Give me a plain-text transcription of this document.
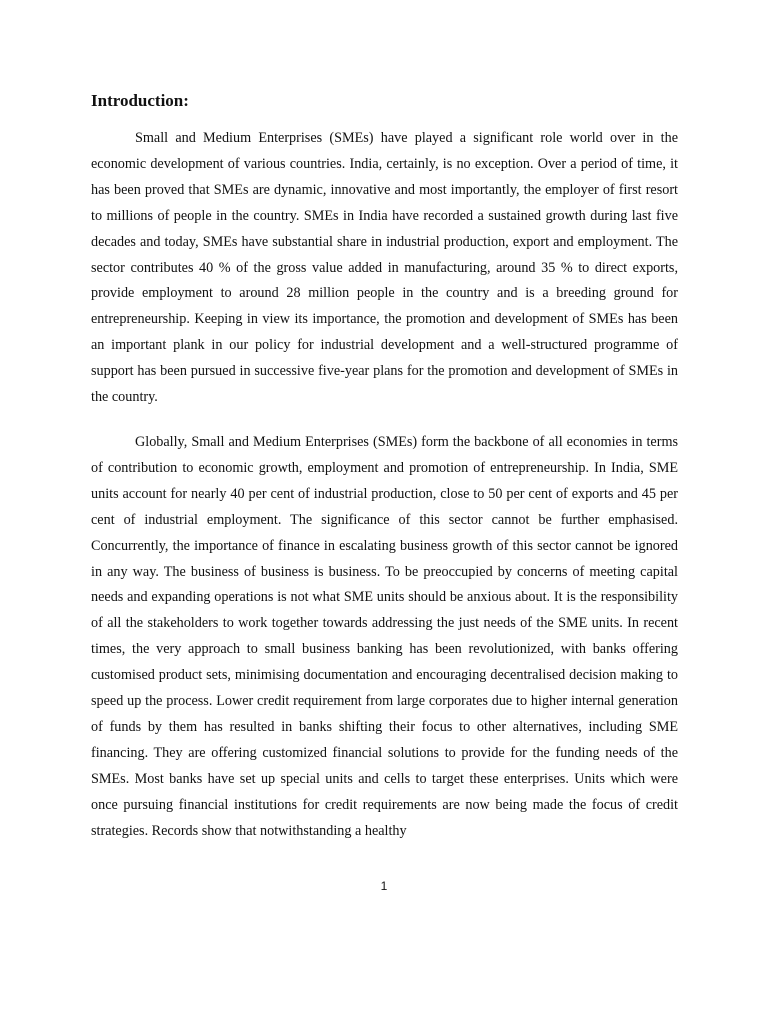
Introduction:

Small and Medium Enterprises (SMEs) have played a significant role world over in the economic development of various countries. India, certainly, is no exception. Over a period of time, it has been proved that SMEs are dynamic, innovative and most importantly, the employer of first resort to millions of people in the country. SMEs in India have recorded a sustained growth during last five decades and today, SMEs have substantial share in industrial production, export and employment. The sector contributes 40 % of the gross value added in manufacturing, around 35 % to direct exports, provide employment to around 28 million people in the country and is a breeding ground for entrepreneurship. Keeping in view its importance, the promotion and development of SMEs has been an important plank in our policy for industrial development and a well-structured programme of support has been pursued in successive five-year plans for the promotion and development of SMEs in the country.

Globally, Small and Medium Enterprises (SMEs) form the backbone of all economies in terms of contribution to economic growth, employment and promotion of entrepreneurship. In India, SME units account for nearly 40 per cent of industrial production, close to 50 per cent of exports and 45 per cent of industrial employment. The significance of this sector cannot be further emphasised. Concurrently, the importance of finance in escalating business growth of this sector cannot be ignored in any way. The business of business is business. To be preoccupied by concerns of meeting capital needs and expanding operations is not what SME units should be anxious about. It is the responsibility of all the stakeholders to work together towards addressing the just needs of the SME units. In recent times, the very approach to small business banking has been revolutionized, with banks offering customised product sets, minimising documentation and encouraging decentralised decision making to speed up the process. Lower credit requirement from large corporates due to higher internal generation of funds by them has resulted in banks shifting their focus to other alternatives, including SME financing. They are offering customized financial solutions to provide for the funding needs of the SMEs. Most banks have set up special units and cells to target these enterprises. Units which were once pursuing financial institutions for credit requirements are now being made the focus of credit strategies. Records show that notwithstanding a healthy

1
